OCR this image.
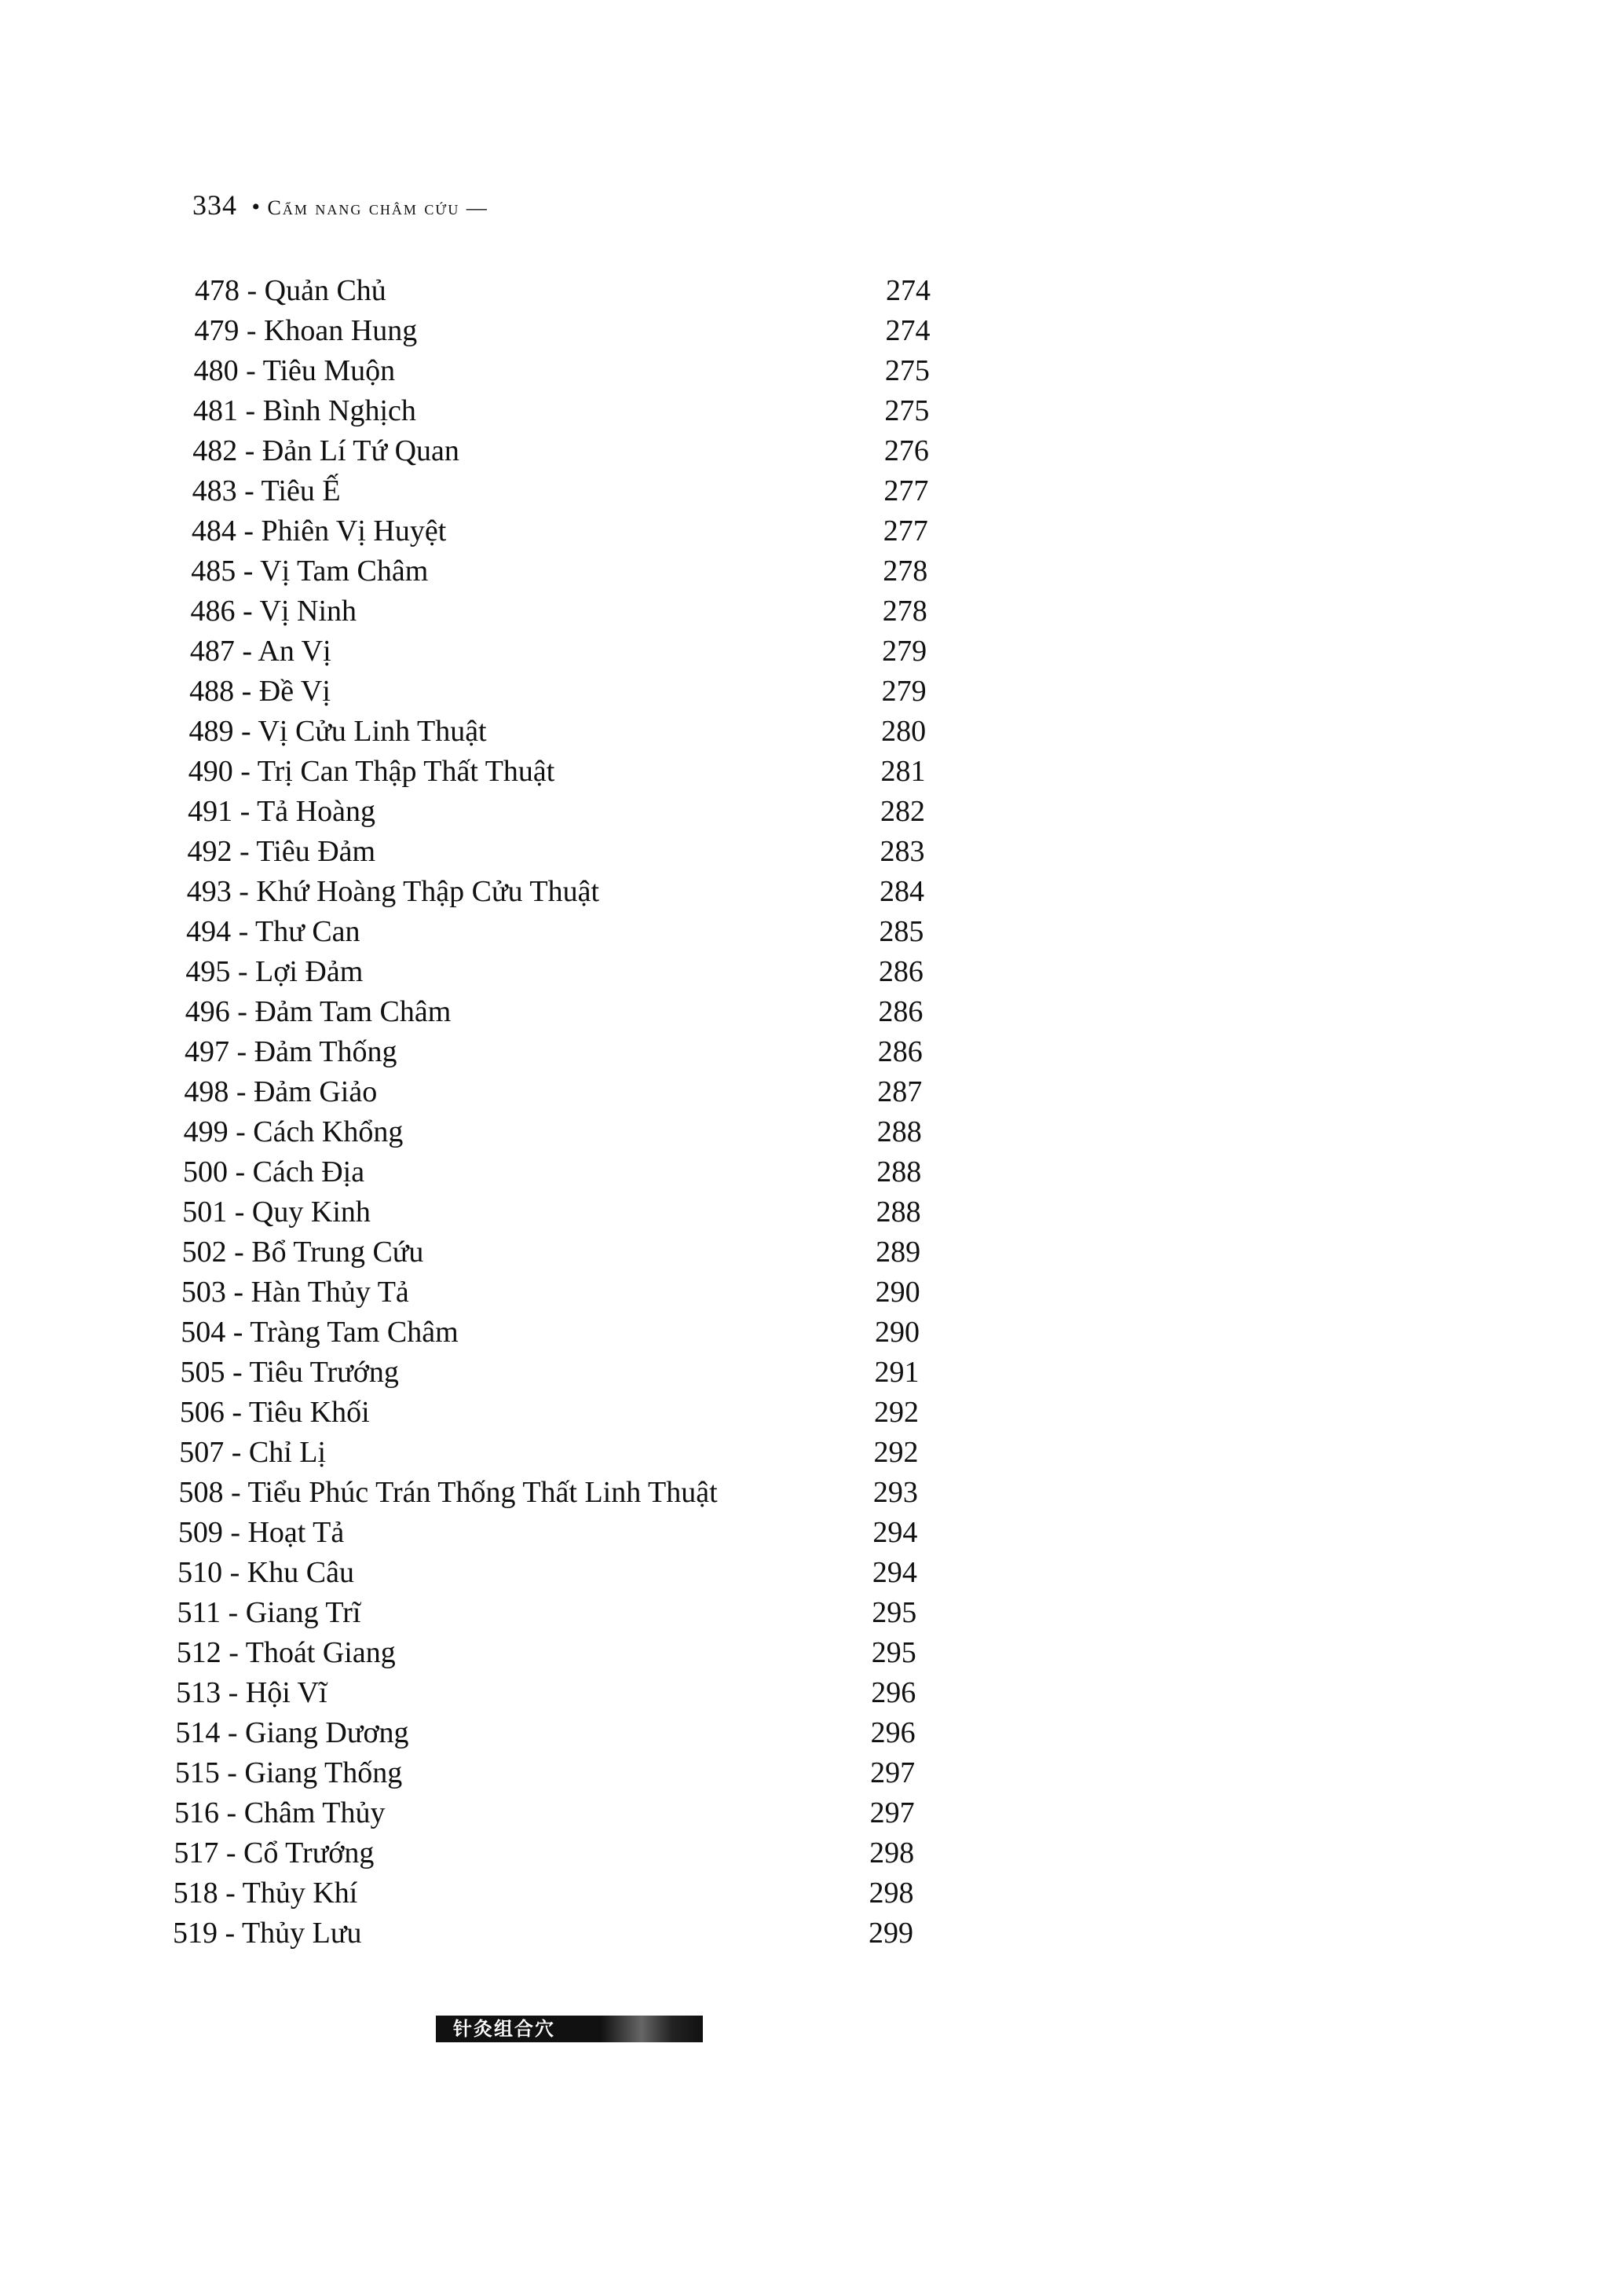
334 • Cẩm nang châm cứu —
478 - Quản Chủ	274
479 - Khoan Hung	274
480 - Tiêu Muộn	275
481 - Bình Nghịch	275
482 - Đản Lí Tứ Quan	276
483 - Tiêu Ế	277
484 - Phiên Vị Huyệt	277
485 - Vị Tam Châm	278
486 - Vị Ninh	278
487 - An Vị	279
488 - Đề Vị	279
489 - Vị Cửu Linh Thuật	280
490 - Trị Can Thập Thất Thuật	281
491 - Tả Hoàng	282
492 - Tiêu Đảm	283
493 - Khứ Hoàng Thập Cửu Thuật	284
494 - Thư Can	285
495 - Lợi Đảm	286
496 - Đảm Tam Châm	286
497 - Đảm Thống	286
498 - Đảm Giảo	287
499 - Cách Khổng	288
500 - Cách Địa	288
501 - Quy Kinh	288
502 - Bổ Trung Cứu	289
503 - Hàn Thủy Tả	290
504 - Tràng Tam Châm	290
505 - Tiêu Trướng	291
506 - Tiêu Khối	292
507 - Chỉ Lị	292
508 - Tiểu Phúc Trán Thống Thất Linh Thuật	293
509 - Hoạt Tả	294
510 - Khu Câu	294
511 - Giang Trĩ	295
512 - Thoát Giang	295
513 - Hội Vĩ	296
514 - Giang Dương	296
515 - Giang Thống	297
516 - Châm Thủy	297
517 - Cổ Trướng	298
518 - Thủy Khí	298
519 - Thủy Lưu	299
针灸组合穴
